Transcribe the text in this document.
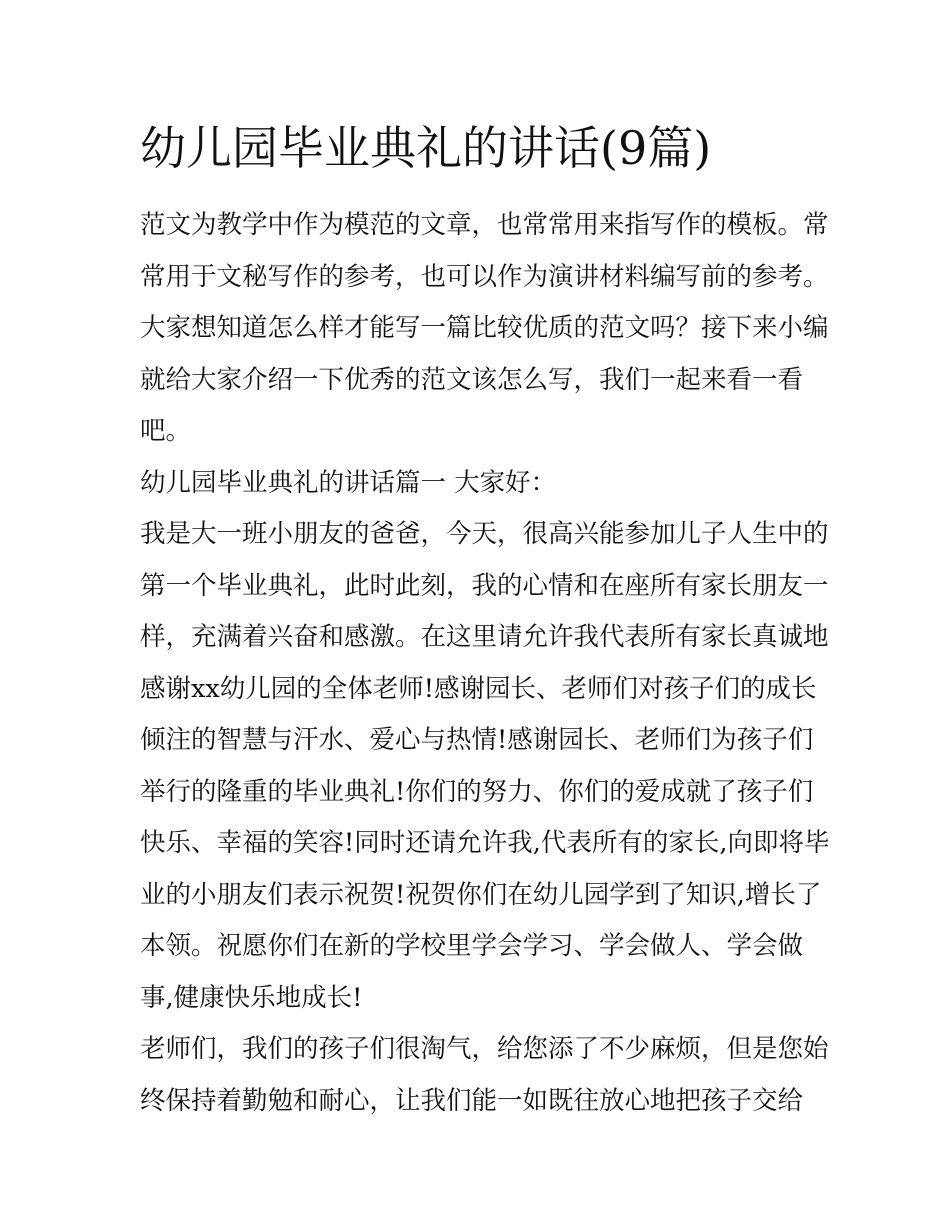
幼儿园毕业典礼的讲话(9篇)
范文为教学中作为模范的文章，也常常用来指写作的模板。常
常用于文秘写作的参考，也可以作为演讲材料编写前的参考。
大家想知道怎么样才能写一篇比较优质的范文吗？接下来小编
就给大家介绍一下优秀的范文该怎么写，我们一起来看一看
吧。
幼儿园毕业典礼的讲话篇一 大家好：
我是大一班小朋友的爸爸，今天，很高兴能参加儿子人生中的
第一个毕业典礼，此时此刻，我的心情和在座所有家长朋友一
样，充满着兴奋和感激。在这里请允许我代表所有家长真诚地
感谢xx幼儿园的全体老师!感谢园长、老师们对孩子们的成长
倾注的智慧与汗水、爱心与热情!感谢园长、老师们为孩子们
举行的隆重的毕业典礼!你们的努力、你们的爱成就了孩子们
快乐、幸福的笑容!同时还请允许我,代表所有的家长,向即将毕
业的小朋友们表示祝贺!祝贺你们在幼儿园学到了知识,增长了
本领。祝愿你们在新的学校里学会学习、学会做人、学会做
事,健康快乐地成长!
老师们，我们的孩子们很淘气，给您添了不少麻烦，但是您始
终保持着勤勉和耐心，让我们能一如既往放心地把孩子交给
